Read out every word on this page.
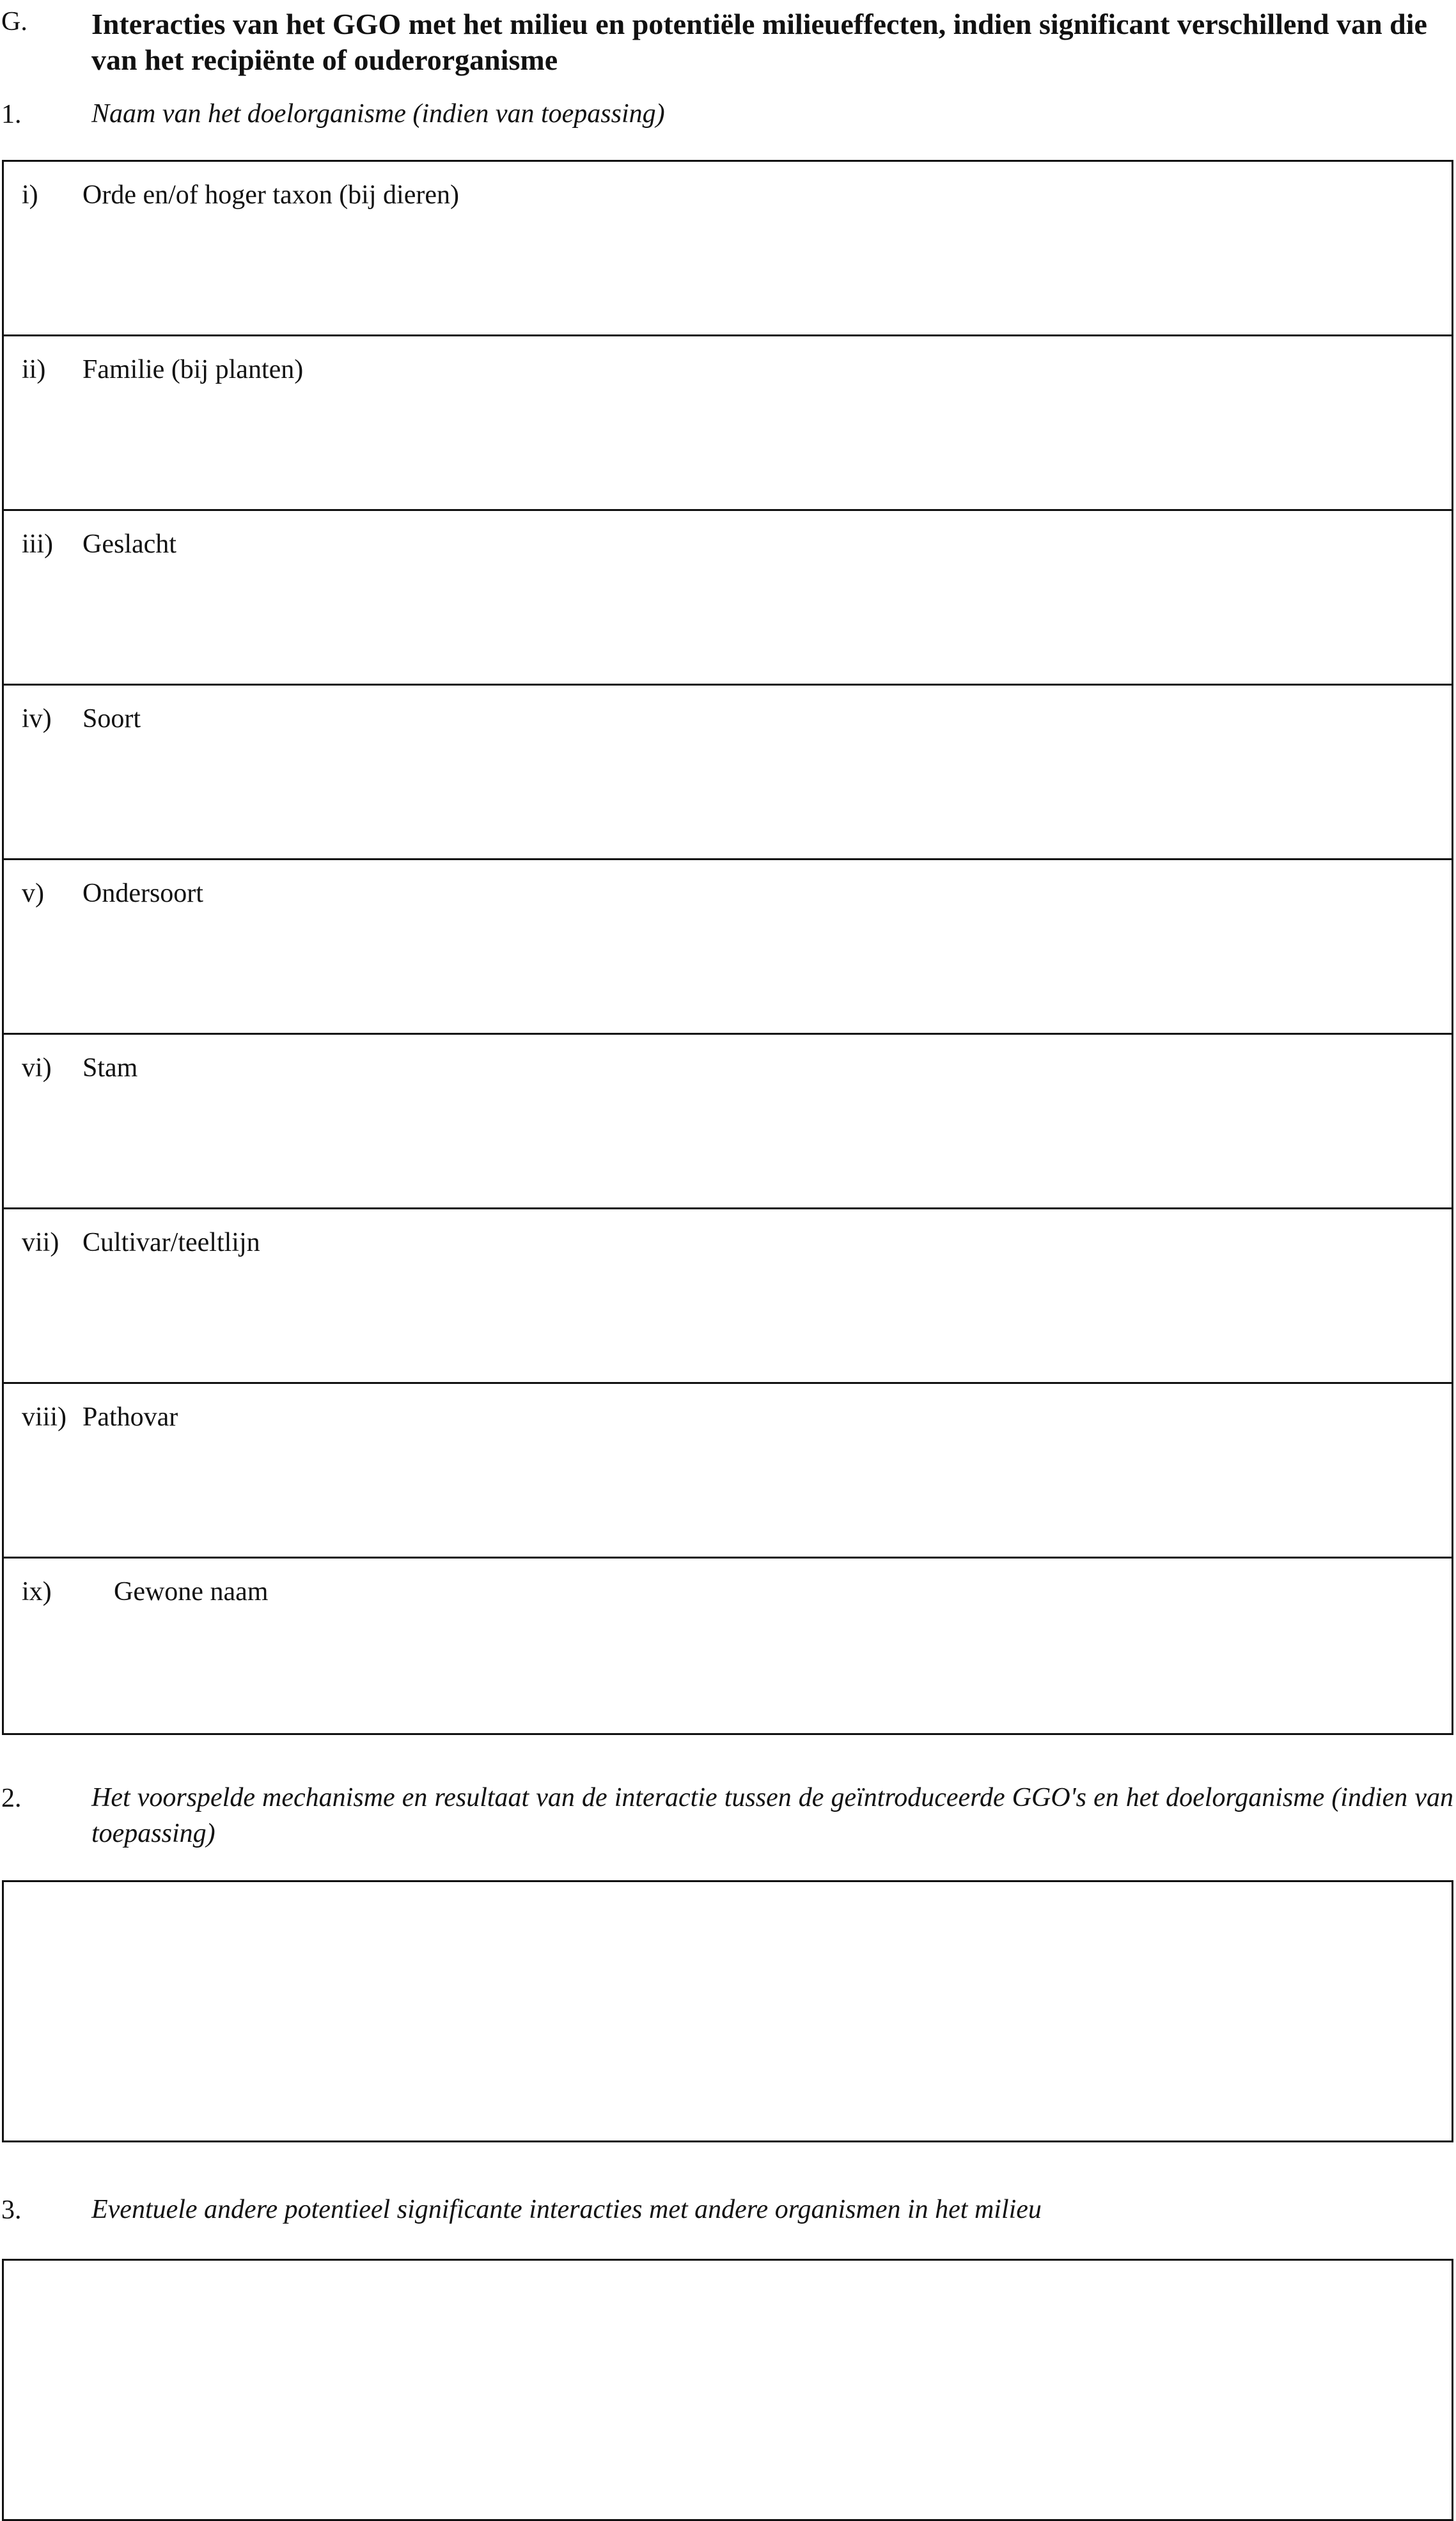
G. Interacties van het GGO met het milieu en potentiële milieueffecten, indien significant verschillend van die van het recipiënte of ouderorganisme
1.	Naam van het doelorganisme (indien van toepassing)
i) Orde en/of hoger taxon (bij dieren)
ii) Familie (bij planten)
iii) Geslacht
iv) Soort
v) Ondersoort
vi) Stam
vii) Cultivar/teeltlijn
viii) Pathovar
ix) Gewone naam
2.	Het voorspelde mechanisme en resultaat van de interactie tussen de geïntroduceerde GGO's en het doelorganisme (indien van toepassing)
3.	Eventuele andere potentieel significante interacties met andere organismen in het milieu
